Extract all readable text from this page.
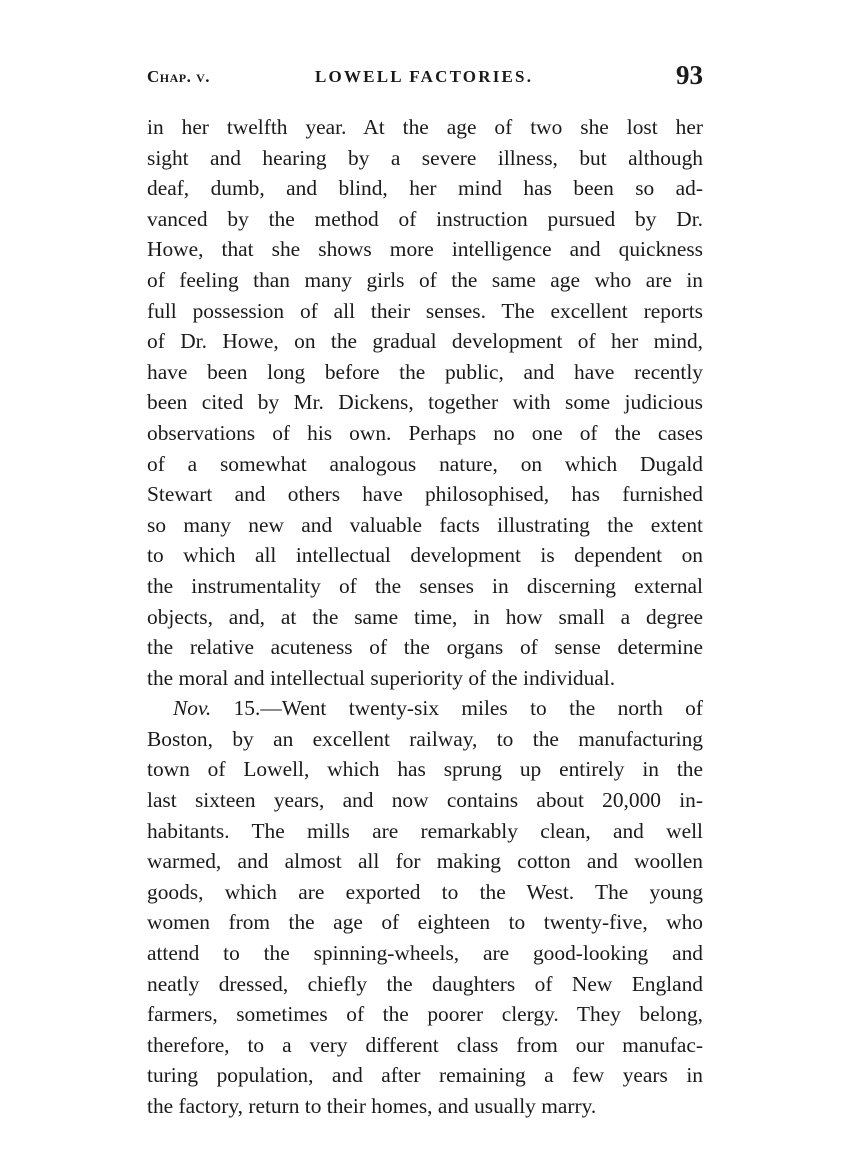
Chap. v.	LOWELL FACTORIES.	93
in her twelfth year. At the age of two she lost her
sight and hearing by a severe illness, but although
deaf, dumb, and blind, her mind has been so ad-
vanced by the method of instruction pursued by Dr.
Howe, that she shows more intelligence and quickness
of feeling than many girls of the same age who are in
full possession of all their senses. The excellent reports
of Dr. Howe, on the gradual development of her mind,
have been long before the public, and have recently
been cited by Mr. Dickens, together with some judicious
observations of his own. Perhaps no one of the cases
of a somewhat analogous nature, on which Dugald
Stewart and others have philosophised, has furnished
so many new and valuable facts illustrating the extent
to which all intellectual development is dependent on
the instrumentality of the senses in discerning external
objects, and, at the same time, in how small a degree
the relative acuteness of the organs of sense determine
the moral and intellectual superiority of the individual.
Nov. 15.—Went twenty-six miles to the north of
Boston, by an excellent railway, to the manufacturing
town of Lowell, which has sprung up entirely in the
last sixteen years, and now contains about 20,000 in-
habitants. The mills are remarkably clean, and well
warmed, and almost all for making cotton and woollen
goods, which are exported to the West. The young
women from the age of eighteen to twenty-five, who
attend to the spinning-wheels, are good-looking and
neatly dressed, chiefly the daughters of New England
farmers, sometimes of the poorer clergy. They belong,
therefore, to a very different class from our manufac-
turing population, and after remaining a few years in
the factory, return to their homes, and usually marry.
